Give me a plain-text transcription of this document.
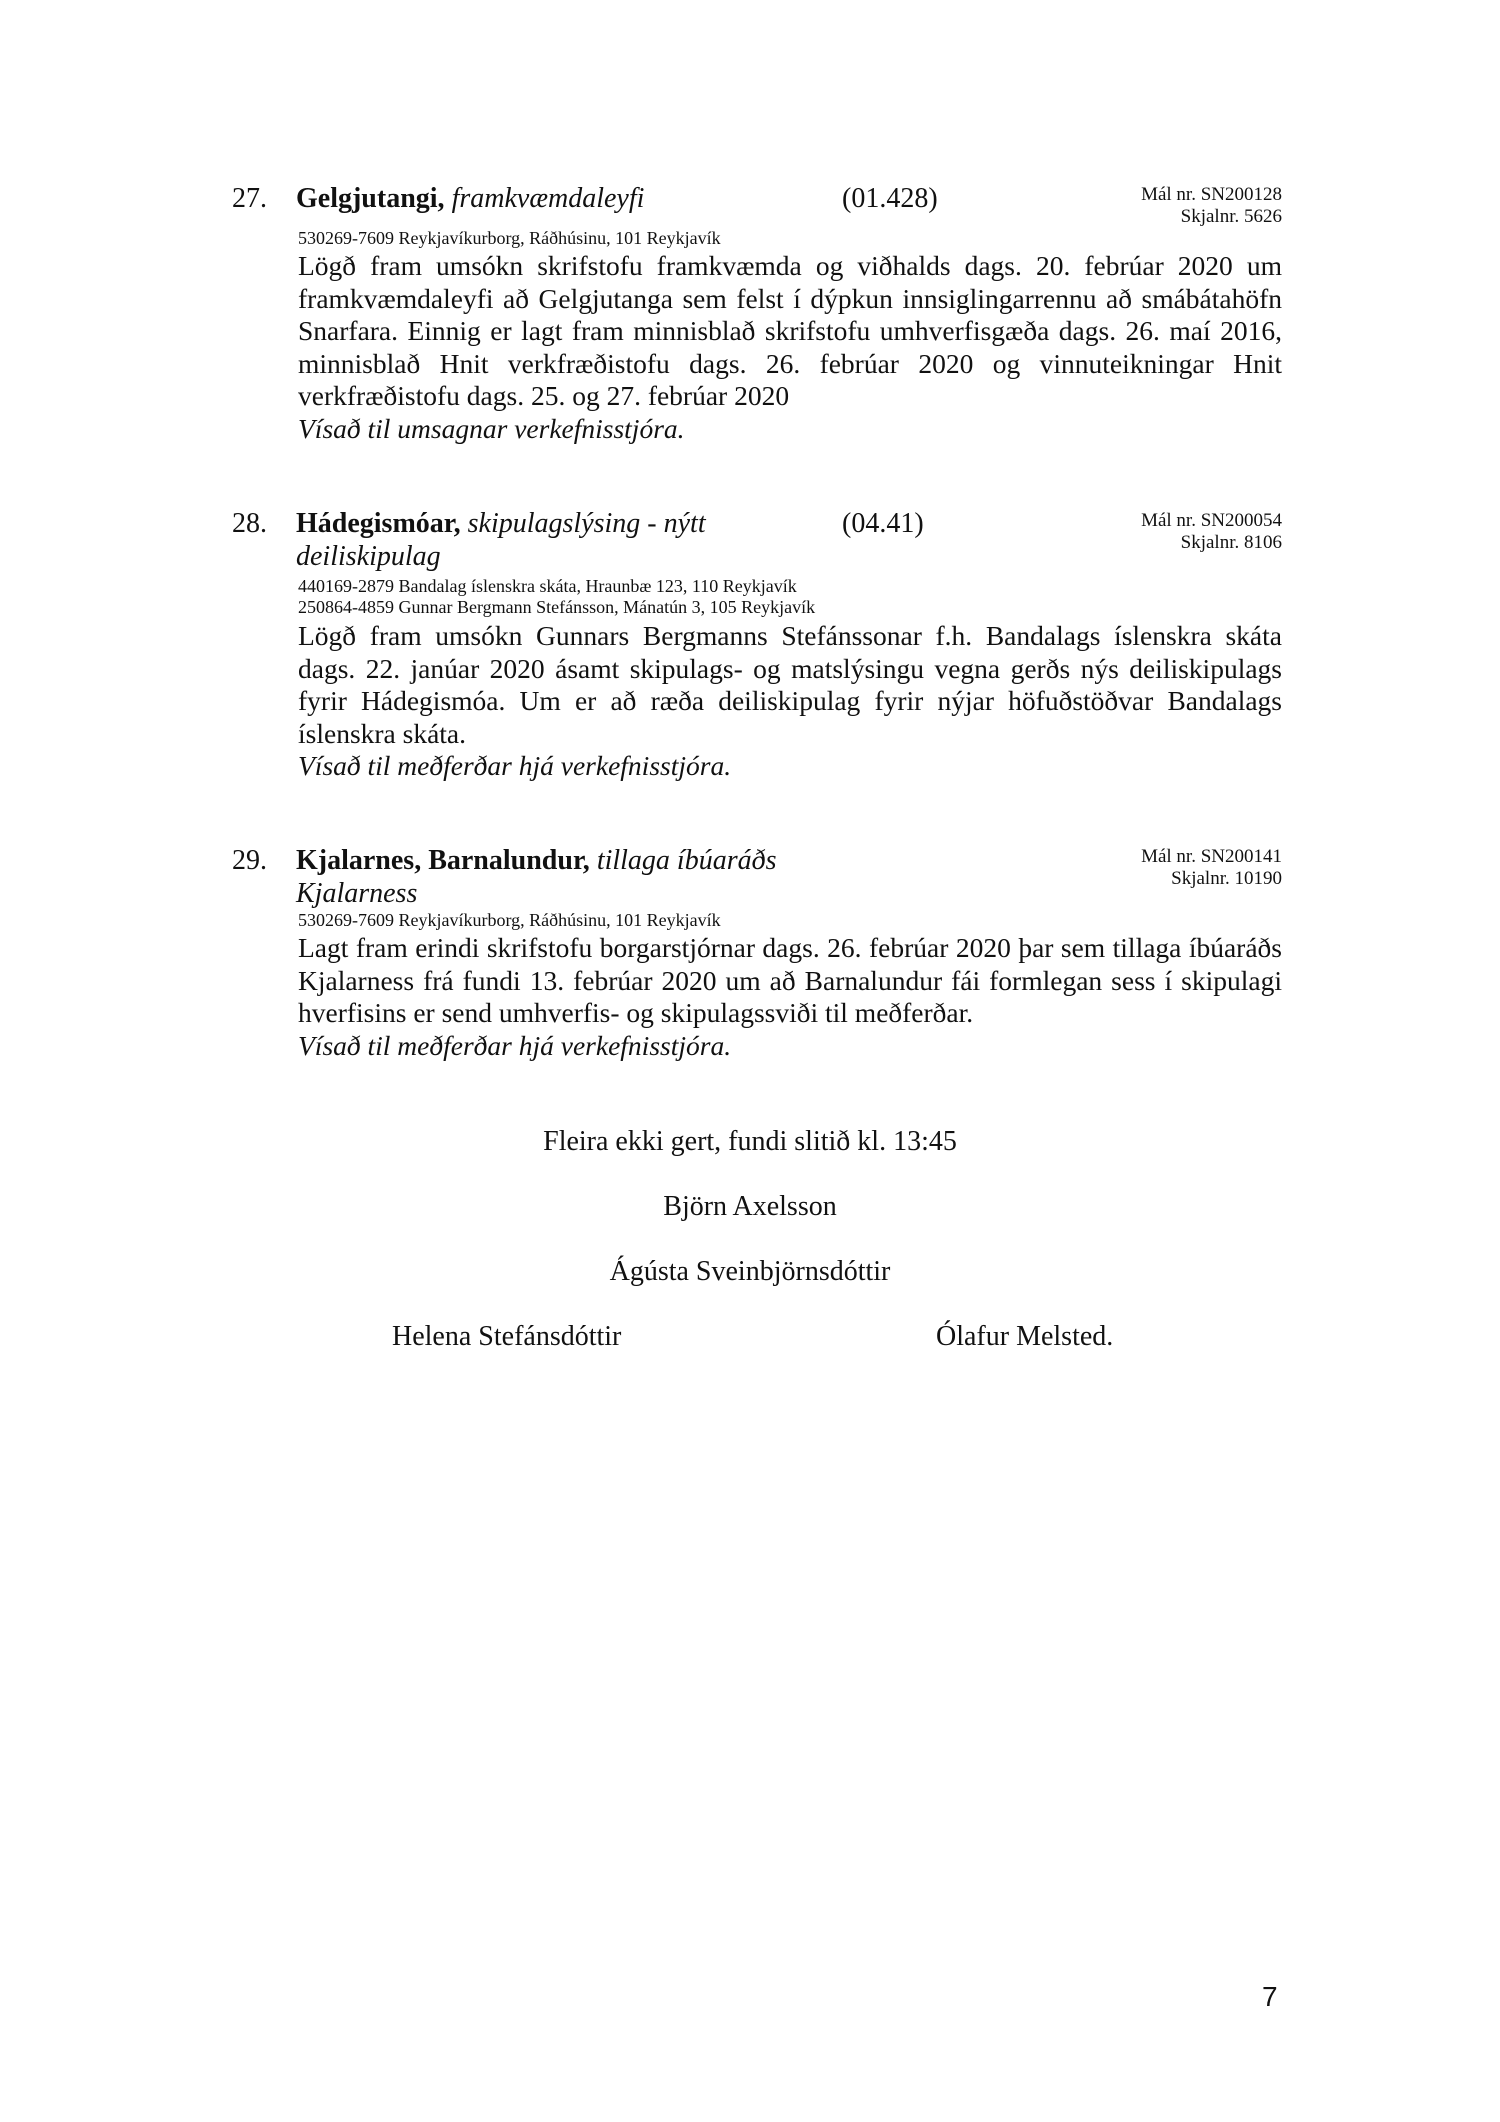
27. Gelgjutangi, framkvæmdaleyfi	(01.428)	Mál nr. SN200128
Skjalnr. 5626
530269-7609 Reykjavíkurborg, Ráðhúsinu, 101 Reykjavík

Lögð fram umsókn skrifstofu framkvæmda og viðhalds dags. 20. febrúar 2020 um framkvæmdaleyfi að Gelgjutanga sem felst í dýpkun innsiglingarrennu að smábátahöfn Snarfara. Einnig er lagt fram minnisblað skrifstofu umhverfisgæða dags. 26. maí 2016, minnisblað Hnit verkfræðistofu dags. 26. febrúar 2020 og vinnuteikningar Hnit verkfræðistofu dags. 25. og 27. febrúar 2020

Vísað til umsagnar verkefnisstjóra.
28. Hádegismóar, skipulagslýsing - nýtt deiliskipulag
(04.41)	Mál nr. SN200054
Skjalnr. 8106
440169-2879 Bandalag íslenskra skáta, Hraunbæ 123, 110 Reykjavík
250864-4859 Gunnar Bergmann Stefánsson, Mánatún 3, 105 Reykjavík

Lögð fram umsókn Gunnars Bergmanns Stefánssonar f.h. Bandalags íslenskra skáta dags. 22. janúar 2020 ásamt skipulags- og matslýsingu vegna gerðs nýs deiliskipulags fyrir Hádegismóa. Um er að ræða deiliskipulag fyrir nýjar höfuðstöðvar Bandalags íslenskra skáta.

Vísað til meðferðar hjá verkefnisstjóra.
29. Kjalarnes, Barnalundur, tillaga íbúaráðs Kjalarness
Mál nr. SN200141
Skjalnr. 10190
530269-7609 Reykjavíkurborg, Ráðhúsinu, 101 Reykjavík

Lagt fram erindi skrifstofu borgarstjórnar dags. 26. febrúar 2020 þar sem tillaga íbúaráðs Kjalarness frá fundi 13. febrúar 2020 um að Barnalundur fái formlegan sess í skipulagi hverfisins er send umhverfis- og skipulagssviði til meðferðar.

Vísað til meðferðar hjá verkefnisstjóra.
Fleira ekki gert, fundi slitið kl. 13:45
Björn Axelsson
Ágústa Sveinbjörnsdóttir
Helena Stefánsdóttir	Ólafur Melsted.
7
